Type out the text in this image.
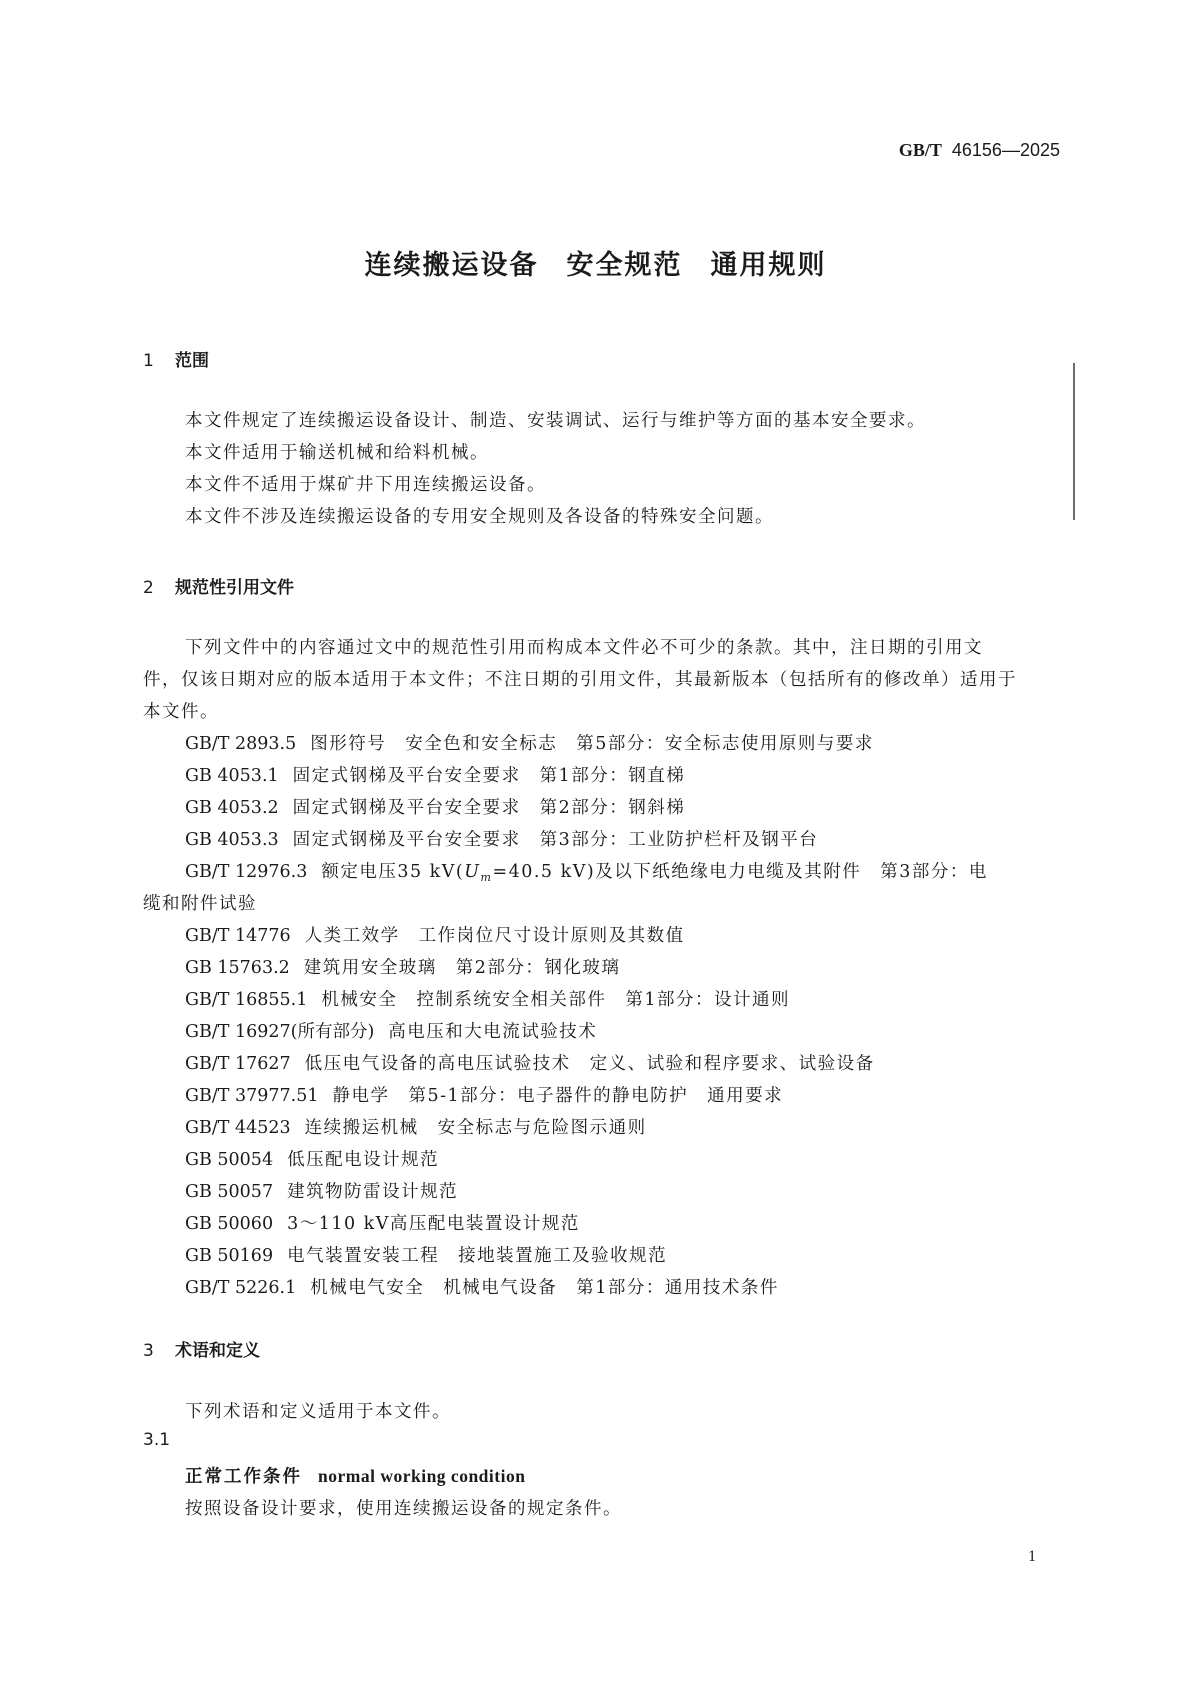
GB/T 46156—2025
连续搬运设备 安全规范 通用规则
1 范围
本文件规定了连续搬运设备设计、制造、安装调试、运行与维护等方面的基本安全要求。
本文件适用于输送机械和给料机械。
本文件不适用于煤矿井下用连续搬运设备。
本文件不涉及连续搬运设备的专用安全规则及各设备的特殊安全问题。
2 规范性引用文件
下列文件中的内容通过文中的规范性引用而构成本文件必不可少的条款。其中，注日期的引用文
件，仅该日期对应的版本适用于本文件；不注日期的引用文件，其最新版本（包括所有的修改单）适用于
本文件。
GB/T 2893.5 图形符号　安全色和安全标志　第5部分：安全标志使用原则与要求
GB 4053.1 固定式钢梯及平台安全要求　第1部分：钢直梯
GB 4053.2 固定式钢梯及平台安全要求　第2部分：钢斜梯
GB 4053.3 固定式钢梯及平台安全要求　第3部分：工业防护栏杆及钢平台
GB/T 12976.3 额定电压35 $kV(U_m=40.5$ kV)及以下纸绝缘电力电缆及其附件　第3部分：电
缆和附件试验
GB/T 14776 人类工效学　工作岗位尺寸设计原则及其数值
GB 15763.2 建筑用安全玻璃　第2部分：钢化玻璃
GB/T 16855.1 机械安全　控制系统安全相关部件　第1部分：设计通则
GB/T 16927(所有部分) 高电压和大电流试验技术
GB/T 17627 低压电气设备的高电压试验技术　定义、试验和程序要求、试验设备
GB/T 37977.51 静电学　第5-1部分：电子器件的静电防护　通用要求
GB/T 44523 连续搬运机械　安全标志与危险图示通则
GB 50054 低压配电设计规范
GB 50057 建筑物防雷设计规范
GB 50060 3～110 kV高压配电装置设计规范
GB 50169 电气装置安装工程　接地装置施工及验收规范
GB/T 5226.1 机械电气安全　机械电气设备　第1部分：通用技术条件
3 术语和定义
下列术语和定义适用于本文件。
3.1
正常工作条件 normal working condition
按照设备设计要求，使用连续搬运设备的规定条件。
1
